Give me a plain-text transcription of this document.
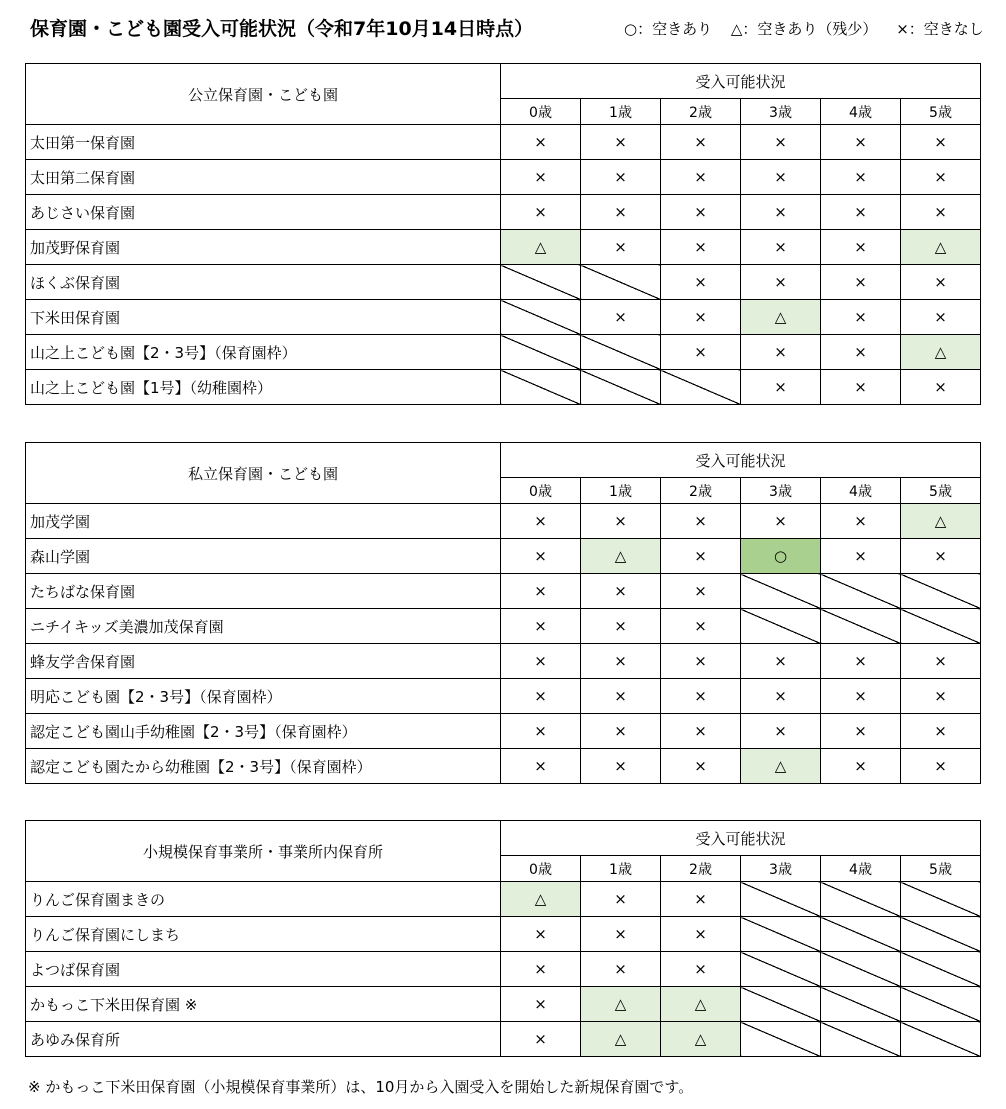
保育園・こども園受入可能状況（令和7年10月14日時点）	○：空きあり △：空きあり（残少） ×：空きなし
公立保育園・こども園	受入可能状況					
	0歳	1歳	2歳	3歳	4歳	5歳
太田第一保育園	×	×	×	×	×	×
太田第二保育園	×	×	×	×	×	×
あじさい保育園	×	×	×	×	×	×
加茂野保育園	△	×	×	×	×	△
ほくぶ保育園			×	×	×	×
下米田保育園		×	×	△	×	×
山之上こども園【2・3号】（保育園枠）			×	×	×	△
山之上こども園【1号】（幼稚園枠）				×	×	×
私立保育園・こども園	受入可能状況					
	0歳	1歳	2歳	3歳	4歳	5歳
加茂学園	×	×	×	×	×	△
森山学園	×	△	×	○	×	×
たちばな保育園	×	×	×			
ニチイキッズ美濃加茂保育園	×	×	×			
蜂友学舎保育園	×	×	×	×	×	×
明応こども園【2・3号】（保育園枠）	×	×	×	×	×	×
認定こども園山手幼稚園【2・3号】（保育園枠）	×	×	×	×	×	×
認定こども園たから幼稚園【2・3号】（保育園枠）	×	×	×	△	×	×
小規模保育事業所・事業所内保育所	受入可能状況					
	0歳	1歳	2歳	3歳	4歳	5歳
りんご保育園まきの	△	×	×			
りんご保育園にしまち	×	×	×			
よつば保育園	×	×	×			
かもっこ下米田保育園 ※	×	△	△			
あゆみ保育所	×	△	△			
※ かもっこ下米田保育園（小規模保育事業所）は、10月から入園受入を開始した新規保育園です。
